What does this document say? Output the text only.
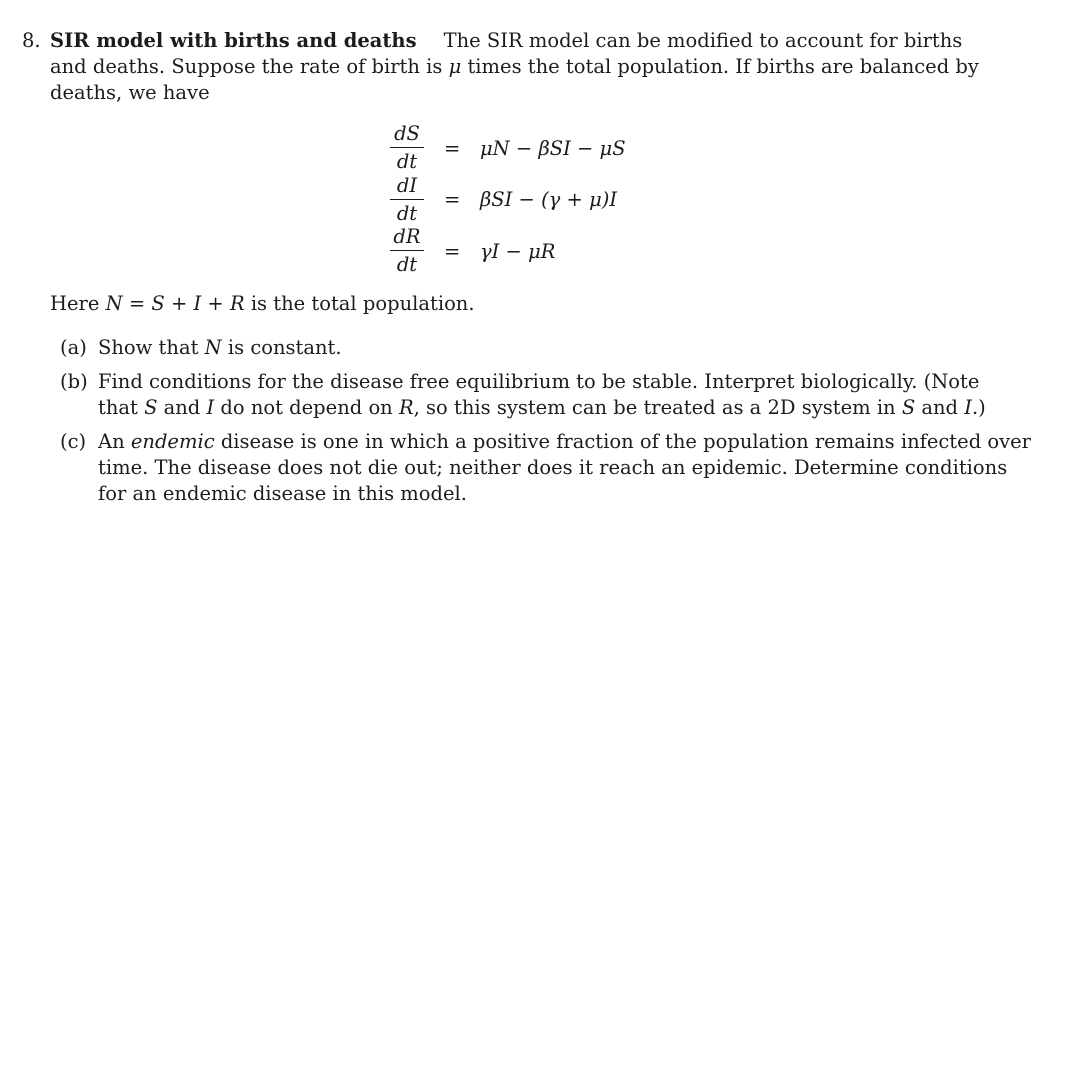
8. SIR model with births and deaths The SIR model can be modified to account for births
and deaths. Suppose the rate of birth is μ times the total population. If births are balanced by
deaths, we have
dS
dt
= μN − βSI − μS
dI
dt
= βSI − (γ + μ)I
dR
dt
= γI − μR
Here N = S + I + R is the total population.
(a) Show that N is constant.
(b) Find conditions for the disease free equilibrium to be stable. Interpret biologically. (Note
that S and I do not depend on R, so this system can be treated as a 2D system in S and I.)
(c) An endemic disease is one in which a positive fraction of the population remains infected over
time. The disease does not die out; neither does it reach an epidemic. Determine conditions
for an endemic disease in this model.
